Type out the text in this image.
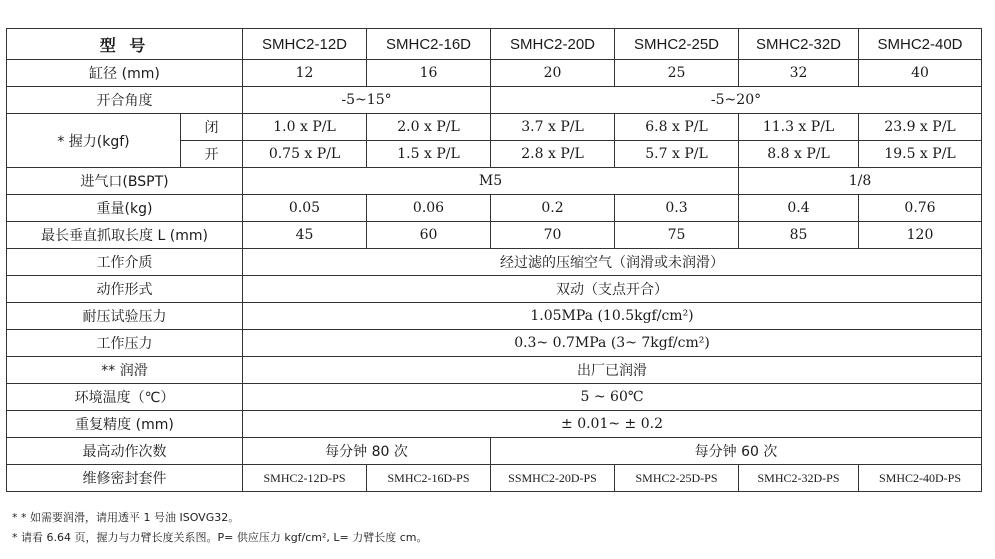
型 号		SMHC2-12D	SMHC2-16D	SMHC2-20D	SMHC2-25D	SMHC2-32D	SMHC2-40D
缸径 (mm)		12	16	20	25	32	40
开合角度		-5~15°		-5~20°			
* 握力(kgf)	闭	1.0 x P/L	2.0 x P/L	3.7 x P/L	6.8 x P/L	11.3 x P/L	23.9 x P/L
	开	0.75 x P/L	1.5 x P/L	2.8 x P/L	5.7 x P/L	8.8 x P/L	19.5 x P/L
进气口(BSPT)		M5				1/8	
重量(kg)		0.05	0.06	0.2	0.3	0.4	0.76
最长垂直抓取长度 L (mm)		45	60	70	75	85	120
工作介质		经过滤的压缩空气（润滑或未润滑）					
动作形式		双动（支点开合）					
耐压试验压力		1.05MPa (10.5kgf/cm²)					
工作压力		0.3~ 0.7MPa (3~ 7kgf/cm²)					
** 润滑		出厂已润滑					
环境温度（℃）		5 ~ 60℃					
重复精度 (mm)		± 0.01~ ± 0.2					
最高动作次数		每分钟 80 次		每分钟 60 次			
维修密封套件		SMHC2-12D-PS	SMHC2-16D-PS	SSMHC2-20D-PS	SMHC2-25D-PS	SMHC2-32D-PS	SMHC2-40D-PS
* * 如需要润滑，请用透平 1 号油 ISOVG32。
* 请看 6.64 页，握力与力臂长度关系图。P= 供应压力 kgf/cm², L= 力臂长度 cm。
